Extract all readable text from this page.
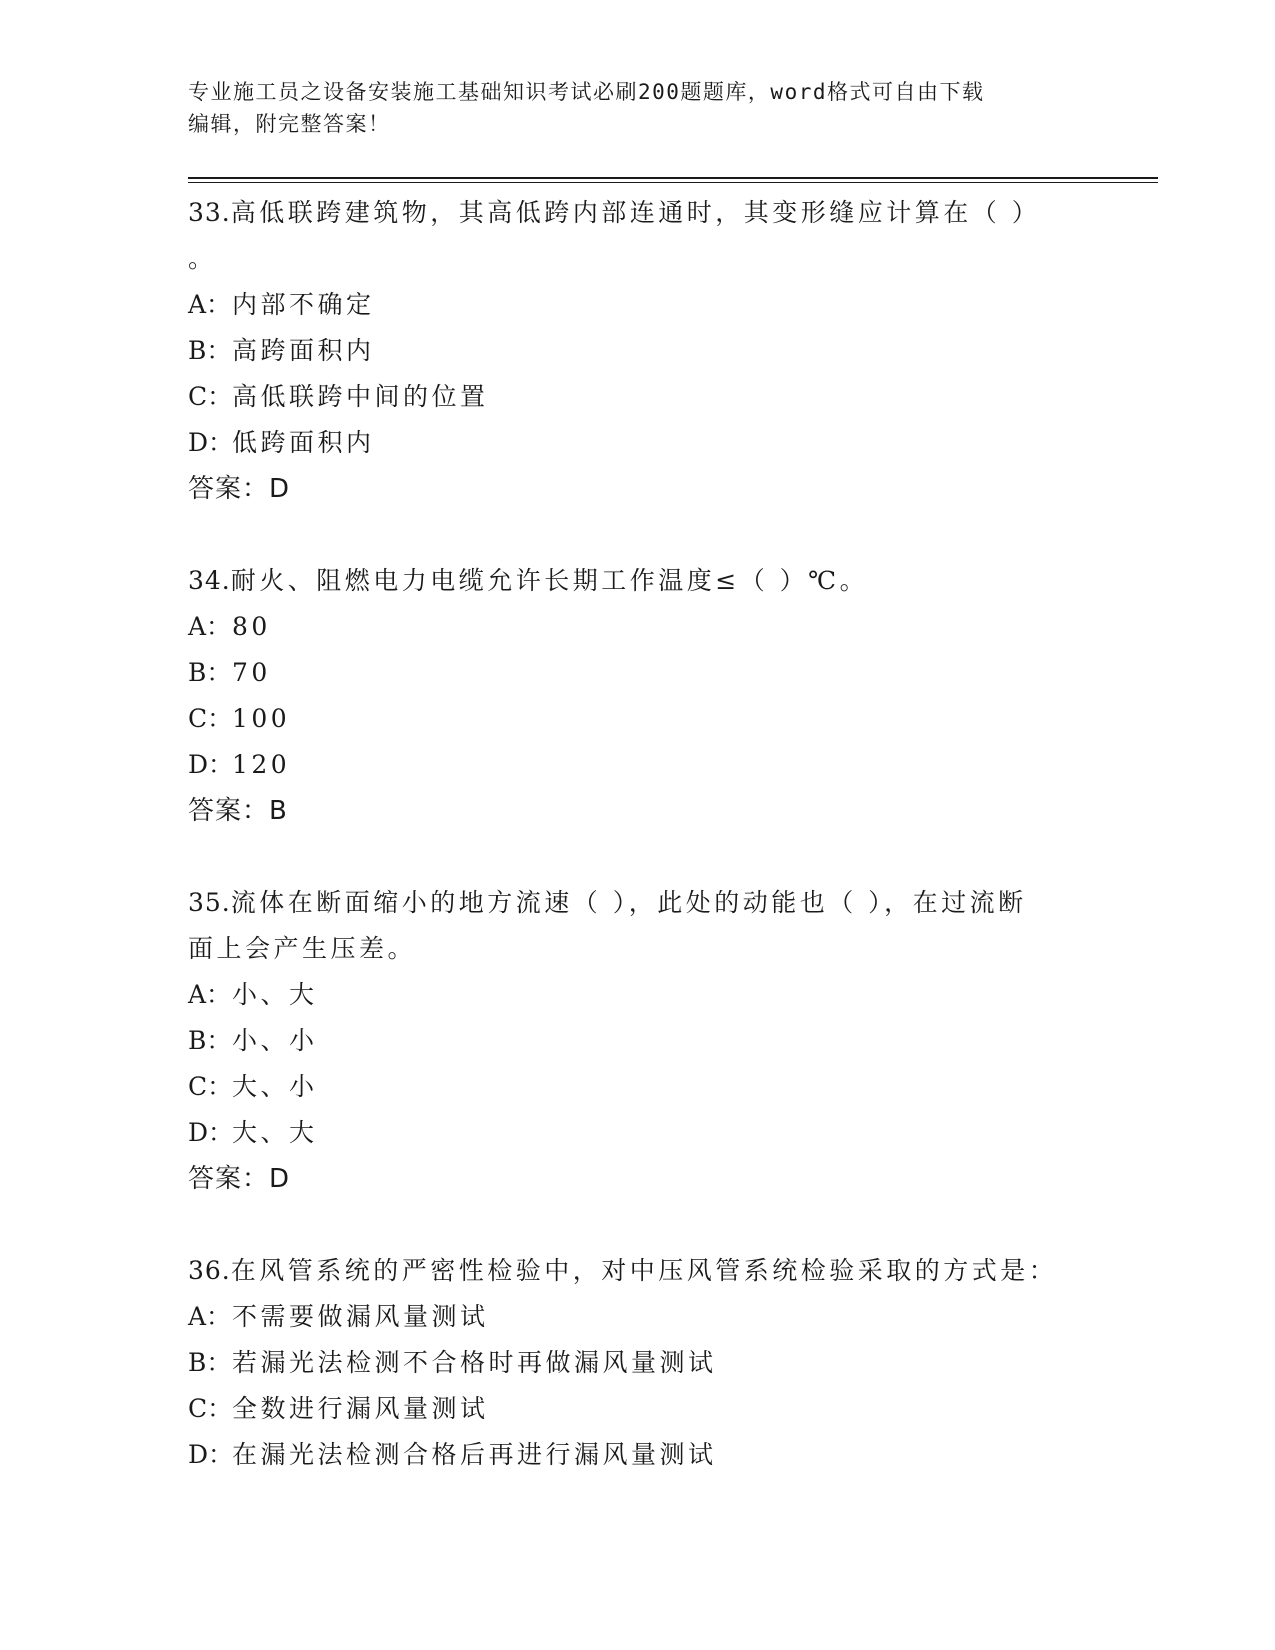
专业施工员之设备安装施工基础知识考试必刷200题题库，word格式可自由下载
编辑，附完整答案！
33.高低联跨建筑物，其高低跨内部连通时，其变形缝应计算在（ ）
。
A：内部不确定
B：高跨面积内
C：高低联跨中间的位置
D：低跨面积内
答案：D
34.耐火、阻燃电力电缆允许长期工作温度≤（ ）℃。
A：80
B：70
C：100
D：120
答案：B
35.流体在断面缩小的地方流速（ ），此处的动能也（ ），在过流断
面上会产生压差。
A：小、大
B：小、小
C：大、小
D：大、大
答案：D
36.在风管系统的严密性检验中，对中压风管系统检验采取的方式是：
A：不需要做漏风量测试
B：若漏光法检测不合格时再做漏风量测试
C：全数进行漏风量测试
D：在漏光法检测合格后再进行漏风量测试
